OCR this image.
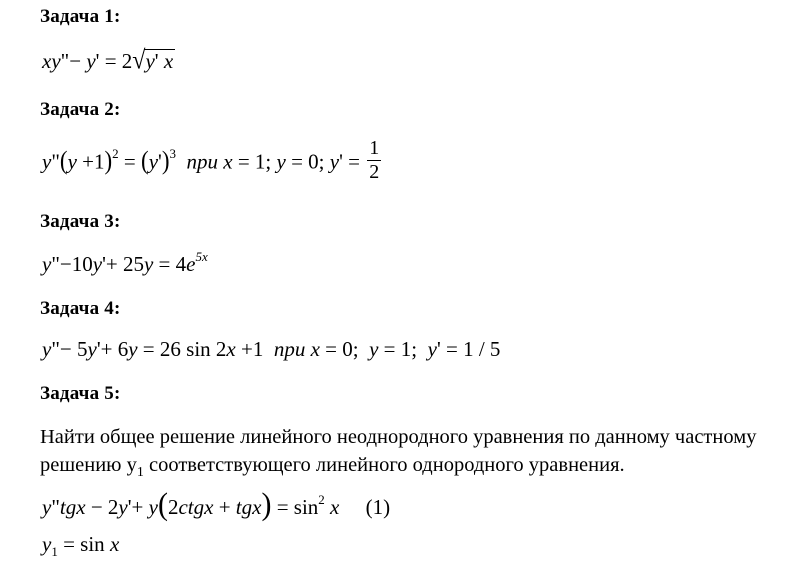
Задача 1:
xy"− y' = 2√y' x
Задача 2:
y"(y $+1)^2 = (y')^3$ при x = 1; y = 0; $y' = \frac{1}{2}$
Задача 3:
y"−10y'+ $25y = 4e^{5x}$
Задача 4:
y"− 5y'+ 6y = 26 sin 2x +1  при x = 0;  y = 1;  y' = 1 / 5
Задача 5:
Найти общее решение линейного неоднородного уравнения по данному частному решению $y_1$ соответствующего линейного однородного уравнения.
y"tgx − 2y'+ y(2ctgx + $tgx) = \sin^2 x$ (1)
$y_1 = \sin x$
